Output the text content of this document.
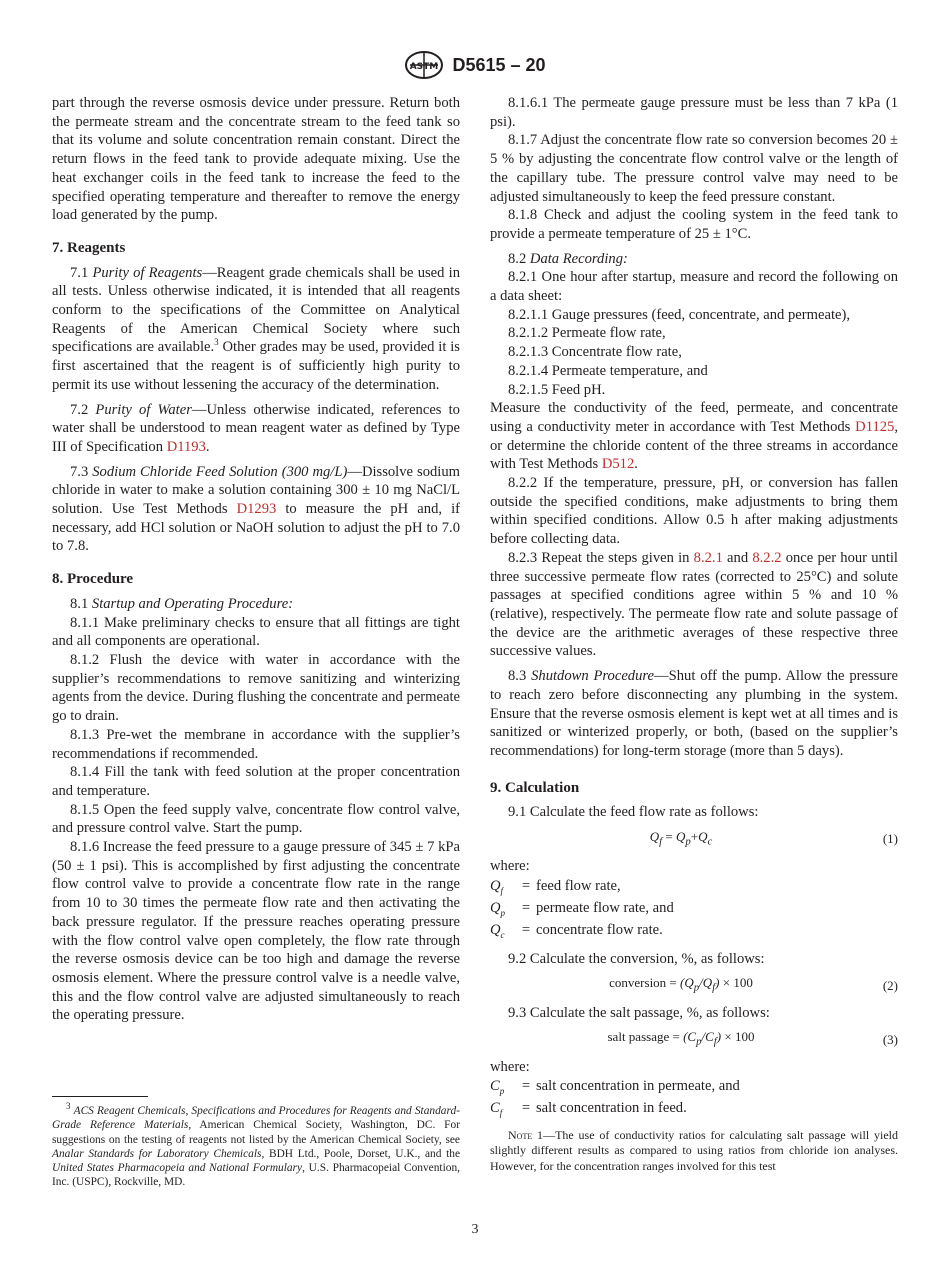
ASTM D5615 – 20

part through the reverse osmosis device under pressure. Return both the permeate stream and the concentrate stream to the feed tank so that its volume and solute concentration remain constant. Direct the return flows in the feed tank to provide adequate mixing. Use the heat exchanger coils in the feed tank to increase the feed to the specified operating temperature and thereafter to remove the energy load generated by the pump.

7. Reagents

7.1 Purity of Reagents—Reagent grade chemicals shall be used in all tests. Unless otherwise indicated, it is intended that all reagents conform to the specifications of the Committee on Analytical Reagents of the American Chemical Society where such specifications are available.$^3$ Other grades may be used, provided it is first ascertained that the reagent is of sufficiently high purity to permit its use without lessening the accuracy of the determination.

7.2 Purity of Water—Unless otherwise indicated, references to water shall be understood to mean reagent water as defined by Type III of Specification D1193.

7.3 Sodium Chloride Feed Solution (300 mg/L)—Dissolve sodium chloride in water to make a solution containing 300 ± 10 mg NaCl/L solution. Use Test Methods D1293 to measure the pH and, if necessary, add HCl solution or NaOH solution to adjust the pH to 7.0 to 7.8.

8. Procedure

8.1 Startup and Operating Procedure:

8.1.1 Make preliminary checks to ensure that all fittings are tight and all components are operational.

8.1.2 Flush the device with water in accordance with the supplier’s recommendations to remove sanitizing and winterizing agents from the device. During flushing the concentrate and permeate go to drain.

8.1.3 Pre-wet the membrane in accordance with the supplier’s recommendations if recommended.

8.1.4 Fill the tank with feed solution at the proper concentration and temperature.

8.1.5 Open the feed supply valve, concentrate flow control valve, and pressure control valve. Start the pump.

8.1.6 Increase the feed pressure to a gauge pressure of 345 ± 7 kPa (50 ± 1 psi). This is accomplished by first adjusting the concentrate flow control valve to provide a concentrate flow rate in the range from 10 to 30 times the permeate flow rate and then activating the back pressure regulator. If the pressure reaches operating pressure with the flow control valve open completely, the flow rate through the reverse osmosis device can be too high and damage the reverse osmosis element. Where the pressure control valve is a needle valve, this and the flow control valve are adjusted simultaneously to reach the operating pressure.

$^3$ ACS Reagent Chemicals, Specifications and Procedures for Reagents and Standard-Grade Reference Materials, American Chemical Society, Washington, DC. For suggestions on the testing of reagents not listed by the American Chemical Society, see Analar Standards for Laboratory Chemicals, BDH Ltd., Poole, Dorset, U.K., and the United States Pharmacopeia and National Formulary, U.S. Pharmacopeial Convention, Inc. (USPC), Rockville, MD.

8.1.6.1 The permeate gauge pressure must be less than 7 kPa (1 psi).

8.1.7 Adjust the concentrate flow rate so conversion becomes 20 ± 5 % by adjusting the concentrate flow control valve or the length of the capillary tube. The pressure control valve may need to be adjusted simultaneously to keep the feed pressure constant.

8.1.8 Check and adjust the cooling system in the feed tank to provide a permeate temperature of 25 ± 1°C.

8.2 Data Recording:

8.2.1 One hour after startup, measure and record the following on a data sheet:

8.2.1.1 Gauge pressures (feed, concentrate, and permeate),

8.2.1.2 Permeate flow rate,

8.2.1.3 Concentrate flow rate,

8.2.1.4 Permeate temperature, and

8.2.1.5 Feed pH.

Measure the conductivity of the feed, permeate, and concentrate using a conductivity meter in accordance with Test Methods D1125, or determine the chloride content of the three streams in accordance with Test Methods D512.

8.2.2 If the temperature, pressure, pH, or conversion has fallen outside the specified conditions, make adjustments to bring them within specified conditions. Allow 0.5 h after making adjustments before collecting data.

8.2.3 Repeat the steps given in 8.2.1 and 8.2.2 once per hour until three successive permeate flow rates (corrected to 25°C) and solute passages at specified conditions agree within 5 % and 10 % (relative), respectively. The permeate flow rate and solute passage of the device are the arithmetic averages of these respective three successive values.

8.3 Shutdown Procedure—Shut off the pump. Allow the pressure to reach zero before disconnecting any plumbing in the system. Ensure that the reverse osmosis element is kept wet at all times and is sanitized or winterized properly, or both, (based on the supplier’s recommendations) for long-term storage (more than 5 days).

9. Calculation

9.1 Calculate the feed flow rate as follows:

$Q_f = Q_p+Q_c$	(1)

where:

$Q_f$	= feed flow rate,
$Q_p$	= permeate flow rate, and
$Q_c$	= concentrate flow rate.

9.2 Calculate the conversion, %, as follows:

conversion = $(Q_p/Q_f) \times 100$	(2)

9.3 Calculate the salt passage, %, as follows:

salt passage = $(C_p/C_f) \times 100$	(3)

where:

$C_p$	= salt concentration in permeate, and
$C_f$	= salt concentration in feed.
Note 1—The use of conductivity ratios for calculating salt passage will yield slightly different results as compared to using ratios from chloride ion analyses. However, for the concentration ranges involved for this test
3
